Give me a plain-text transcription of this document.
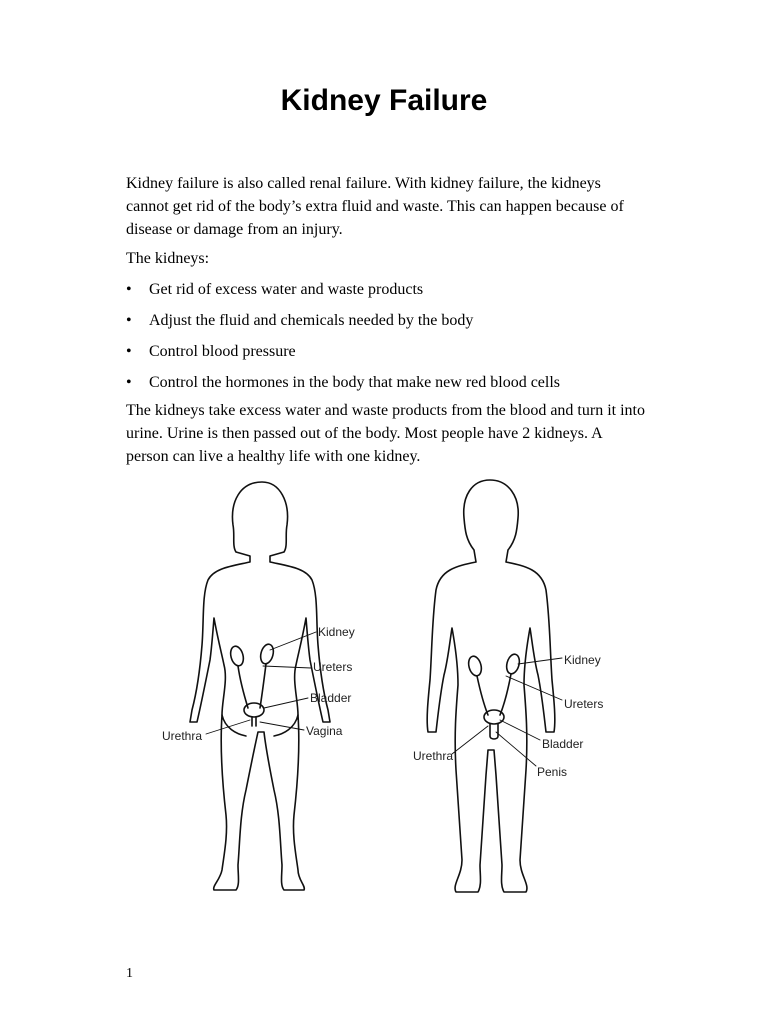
Kidney Failure

Kidney failure is also called renal failure. With kidney failure, the kidneys cannot get rid of the body’s extra fluid and waste. This can happen because of disease or damage from an injury.

The kidneys:

• Get rid of excess water and waste products
• Adjust the fluid and chemicals needed by the body
• Control blood pressure
• Control the hormones in the body that make new red blood cells

The kidneys take excess water and waste products from the blood and turn it into urine. Urine is then passed out of the body. Most people have 2 kidneys. A person can live a healthy life with one kidney.

Kidney
Ureters
Bladder
Vagina
Urethra
Kidney
Ureters
Bladder
Penis
Urethra
1
